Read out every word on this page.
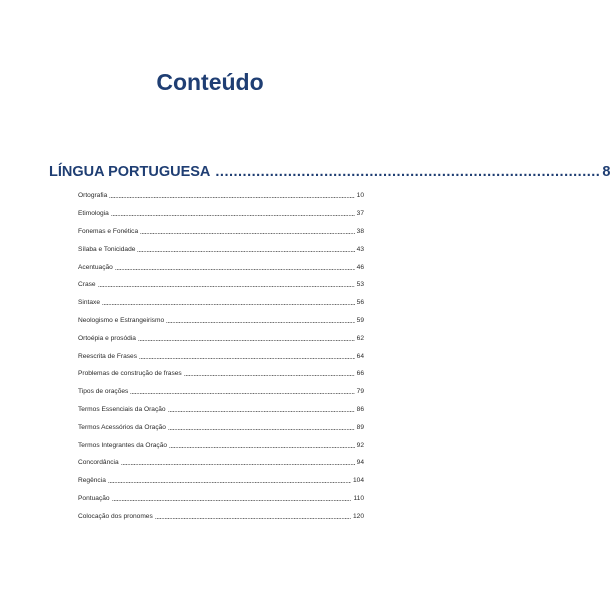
Conteúdo
LÍNGUA PORTUGUESA ..................................................................................... 8
Ortografia	10
Etimologia	37
Fonemas e Fonética	38
Sílaba e Tonicidade	43
Acentuação	46
Crase	53
Sintaxe	56
Neologismo e Estrangeirismo	59
Ortoépia e prosódia	62
Reescrita de Frases	64
Problemas de construção de frases	66
Tipos de orações	79
Termos Essenciais da Oração	86
Termos Acessórios da Oração	89
Termos Integrantes da Oração	92
Concordância	94
Regência	104
Pontuação	110
Colocação dos pronomes	120
